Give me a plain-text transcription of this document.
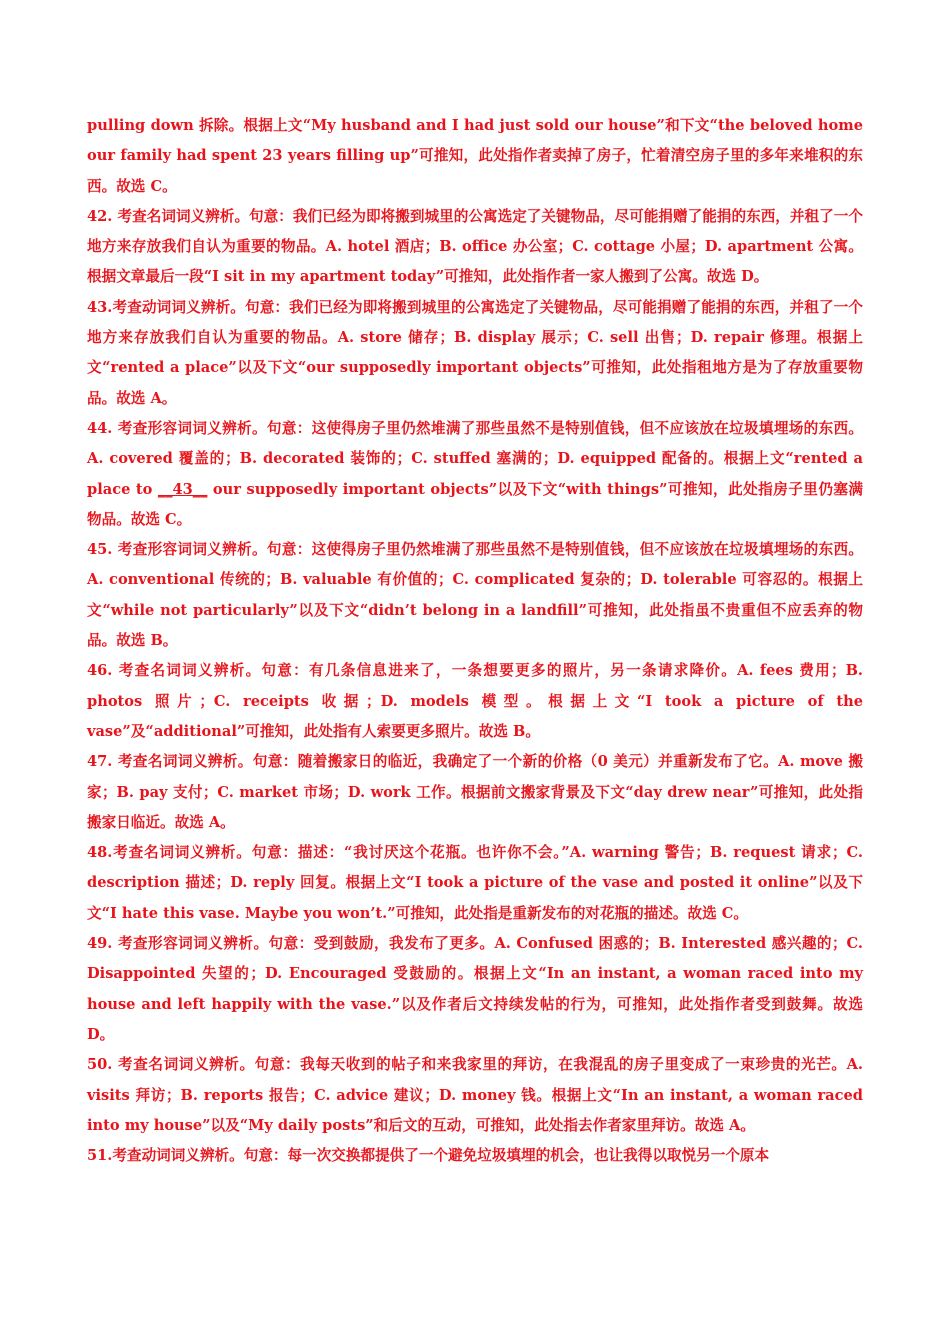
pulling down 拆除。根据上文“My husband and I had just sold our house”和下文“the beloved home our family had spent 23 years filling up”可推知，此处指作者卖掉了房子，忙着清空房子里的多年来堆积的东西。故选 C。

42. 考查名词词义辨析。句意：我们已经为即将搬到城里的公寓选定了关键物品，尽可能捐赠了能捐的东西，并租了一个地方来存放我们自认为重要的物品。A. hotel 酒店；B. office 办公室；C. cottage 小屋；D. apartment 公寓。根据文章最后一段“I sit in my apartment today”可推知，此处指作者一家人搬到了公寓。故选 D。

43.考查动词词义辨析。句意：我们已经为即将搬到城里的公寓选定了关键物品，尽可能捐赠了能捐的东西，并租了一个地方来存放我们自认为重要的物品。A. store 储存；B. display 展示；C. sell 出售；D. repair 修理。根据上文“rented a place”以及下文“our supposedly important objects”可推知，此处指租地方是为了存放重要物品。故选 A。

44. 考查形容词词义辨析。句意：这使得房子里仍然堆满了那些虽然不是特别值钱，但不应该放在垃圾填埋场的东西。A. covered 覆盖的；B. decorated 装饰的；C. stuffed 塞满的；D. equipped 配备的。根据上文“rented a place to __43__ our supposedly important objects”以及下文“with things”可推知，此处指房子里仍塞满物品。故选 C。

45. 考查形容词词义辨析。句意：这使得房子里仍然堆满了那些虽然不是特别值钱，但不应该放在垃圾填埋场的东西。A. conventional 传统的；B. valuable 有价值的；C. complicated 复杂的；D. tolerable 可容忍的。根据上文“while not particularly”以及下文“didn’t belong in a landfill”可推知，此处指虽不贵重但不应丢弃的物品。故选 B。

46. 考查名词词义辨析。句意：有几条信息进来了，一条想要更多的照片，另一条请求降价。A. fees 费用；B. photos 照片；C. receipts 收据；D. models 模型。根据上文“I took a picture of the vase”及“additional”可推知，此处指有人索要更多照片。故选 B。

47. 考查名词词义辨析。句意：随着搬家日的临近，我确定了一个新的价格（0 美元）并重新发布了它。A. move 搬家；B. pay 支付；C. market 市场；D. work 工作。根据前文搬家背景及下文“day drew near”可推知，此处指搬家日临近。故选 A。

48.考查名词词义辨析。句意：描述：“我讨厌这个花瓶。也许你不会。”A. warning 警告；B. request 请求；C. description 描述；D. reply 回复。根据上文“I took a picture of the vase and posted it online”以及下文“I hate this vase. Maybe you won’t.”可推知，此处指是重新发布的对花瓶的描述。故选 C。

49. 考查形容词词义辨析。句意：受到鼓励，我发布了更多。A. Confused 困惑的；B. Interested 感兴趣的；C. Disappointed 失望的；D. Encouraged 受鼓励的。根据上文“In an instant, a woman raced into my house and left happily with the vase.”以及作者后文持续发帖的行为，可推知，此处指作者受到鼓舞。故选 D。

50. 考查名词词义辨析。句意：我每天收到的帖子和来我家里的拜访，在我混乱的房子里变成了一束珍贵的光芒。A. visits 拜访；B. reports 报告；C. advice 建议；D. money 钱。根据上文“In an instant, a woman raced into my house”以及“My daily posts”和后文的互动，可推知，此处指去作者家里拜访。故选 A。

51.考查动词词义辨析。句意：每一次交换都提供了一个避免垃圾填埋的机会，也让我得以取悦另一个原本
